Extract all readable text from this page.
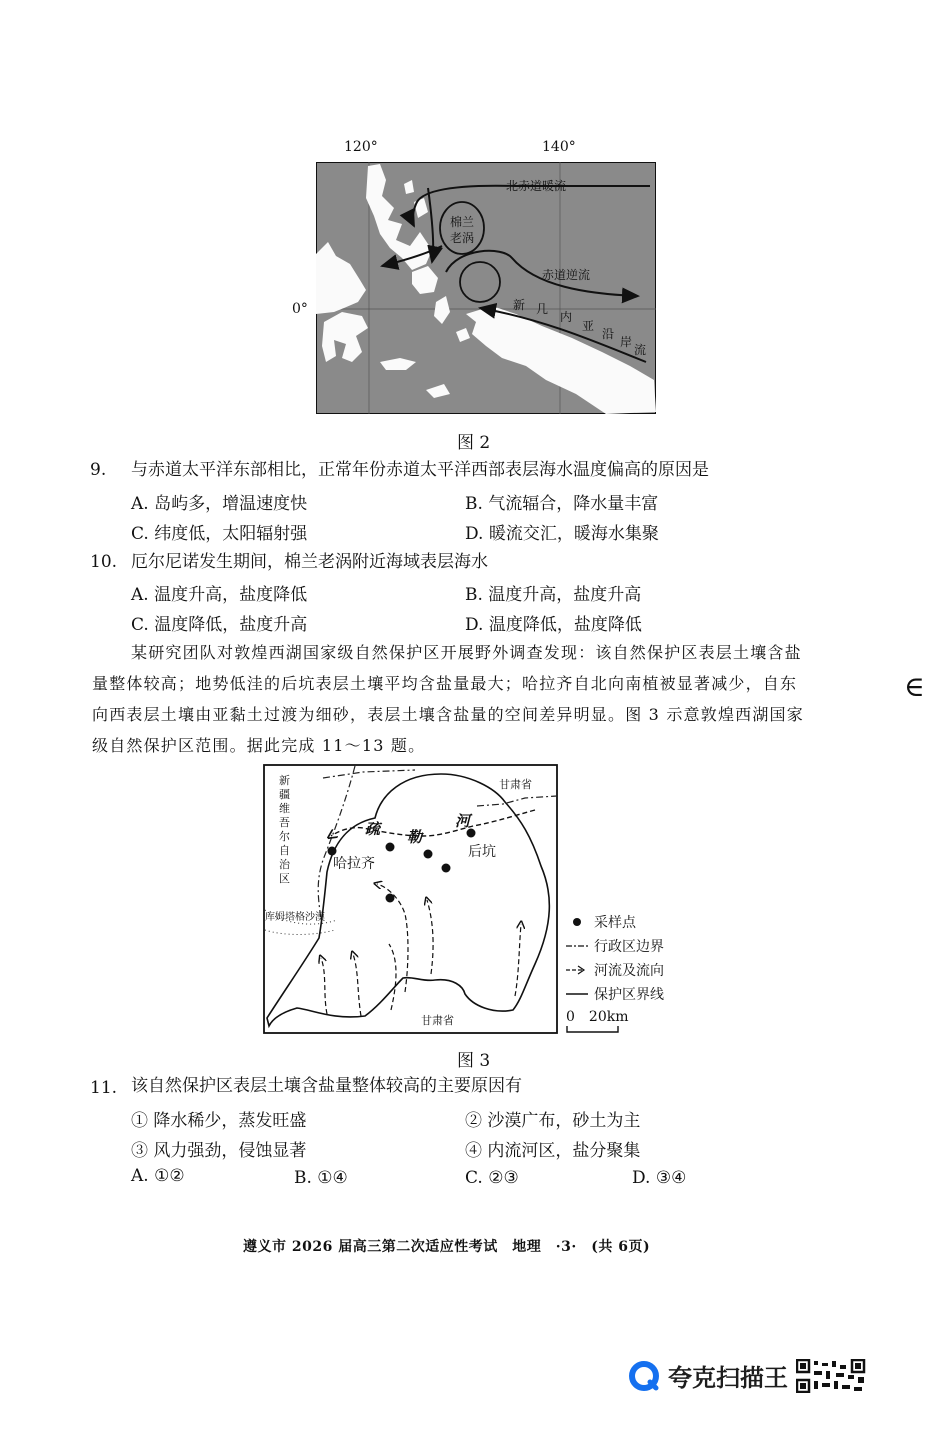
120°	140°
0°
北赤道暖流
棉兰
老涡
赤道逆流
新 几
内
亚
沿
岸
流
图 2
9. 与赤道太平洋东部相比，正常年份赤道太平洋西部表层海水温度偏高的原因是
A. 岛屿多，增温速度快	B. 气流辐合，降水量丰富
C. 纬度低，太阳辐射强	D. 暖流交汇，暖海水集聚
10. 厄尔尼诺发生期间，棉兰老涡附近海域表层海水
A. 温度升高，盐度降低	B. 温度升高，盐度升高
C. 温度降低，盐度升高	D. 温度降低，盐度降低
某研究团队对敦煌西湖国家级自然保护区开展野外调查发现：该自然保护区表层土壤含盐
量整体较高；地势低洼的后坑表层土壤平均含盐量最大；哈拉齐自北向南植被显著减少，自东
向西表层土壤由亚黏土过渡为细砂，表层土壤含盐量的空间差异明显。图 3 示意敦煌西湖国家
级自然保护区范围。据此完成 11～13 题。
∈
甘肃省
甘肃省
新
疆
维
吾
尔
自
治
区
库姆塔格沙漠
疏 勒
河
哈拉齐
后坑
采样点
行政区边界
河流及流向
保护区界线
0 20km
图 3
11. 该自然保护区表层土壤含盐量整体较高的主要原因有
① 降水稀少，蒸发旺盛	② 沙漠广布，砂土为主
③ 风力强劲，侵蚀显著	④ 内流河区，盐分聚集
A. ①②	B. ①④	C. ②③	D. ③④
遵义市 2026 届高三第二次适应性考试　地理　·3·　(共 6页)
夸克扫描王
